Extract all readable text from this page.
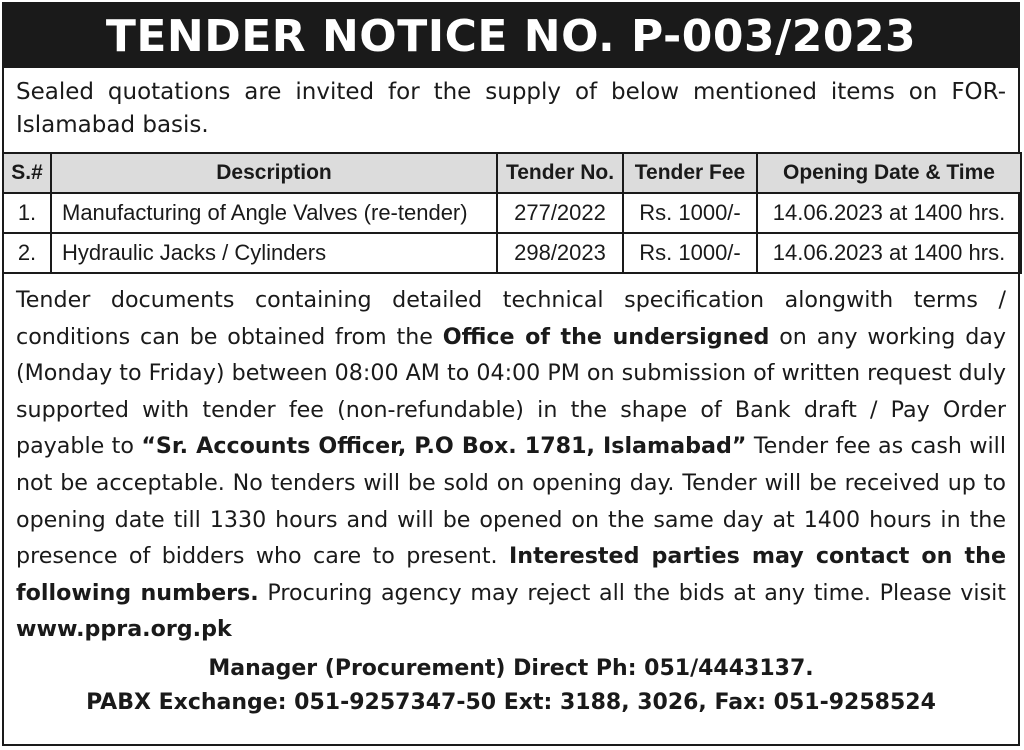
TENDER NOTICE NO. P-003/2023
Sealed quotations are invited for the supply of below mentioned items on FOR-Islamabad basis.
S.#	Description	Tender No.	Tender Fee	Opening Date & Time
1.	Manufacturing of Angle Valves (re-tender)	277/2022	Rs. 1000/-	14.06.2023 at 1400 hrs.
2.	Hydraulic Jacks / Cylinders	298/2023	Rs. 1000/-	14.06.2023 at 1400 hrs.
Tender documents containing detailed technical specification alongwith terms / conditions can be obtained from the Office of the undersigned on any working day (Monday to Friday) between 08:00 AM to 04:00 PM on submission of written request duly supported with tender fee (non-refundable) in the shape of Bank draft / Pay Order payable to “Sr. Accounts Officer, P.O Box. 1781, Islamabad” Tender fee as cash will not be acceptable. No tenders will be sold on opening day. Tender will be received up to opening date till 1330 hours and will be opened on the same day at 1400 hours in the presence of bidders who care to present. Interested parties may contact on the following numbers. Procuring agency may reject all the bids at any time. Please visit www.ppra.org.pk
Manager (Procurement) Direct Ph: 051/4443137.
PABX Exchange: 051-9257347-50 Ext: 3188, 3026, Fax: 051-9258524
